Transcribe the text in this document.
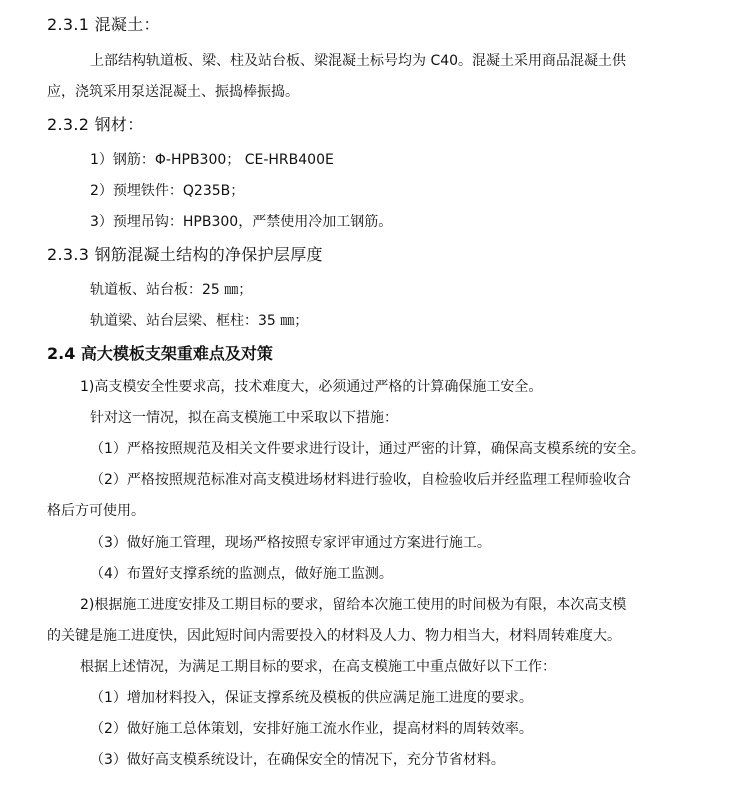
2.3.1 混凝土：
上部结构轨道板、梁、柱及站台板、梁混凝土标号均为 C40。混凝土采用商品混凝土供
应，浇筑采用泵送混凝土、振捣棒振捣。
2.3.2 钢材：
1）钢筋：Φ-HPB300； CE-HRB400E
2）预埋铁件：Q235B；
3）预埋吊钩：HPB300，严禁使用冷加工钢筋。
2.3.3 钢筋混凝土结构的净保护层厚度
轨道板、站台板：25 ㎜；
轨道梁、站台层梁、框柱：35 ㎜；
2.4 高大模板支架重难点及对策
1)高支模安全性要求高，技术难度大，必须通过严格的计算确保施工安全。
针对这一情况，拟在高支模施工中采取以下措施：
（1）严格按照规范及相关文件要求进行设计，通过严密的计算，确保高支模系统的安全。
（2）严格按照规范标准对高支模进场材料进行验收，自检验收后并经监理工程师验收合
格后方可使用。
（3）做好施工管理，现场严格按照专家评审通过方案进行施工。
（4）布置好支撑系统的监测点，做好施工监测。
2)根据施工进度安排及工期目标的要求，留给本次施工使用的时间极为有限，本次高支模
的关键是施工进度快，因此短时间内需要投入的材料及人力、物力相当大，材料周转难度大。
根据上述情况，为满足工期目标的要求，在高支模施工中重点做好以下工作：
（1）增加材料投入，保证支撑系统及模板的供应满足施工进度的要求。
（2）做好施工总体策划，安排好施工流水作业，提高材料的周转效率。
（3）做好高支模系统设计，在确保安全的情况下，充分节省材料。
